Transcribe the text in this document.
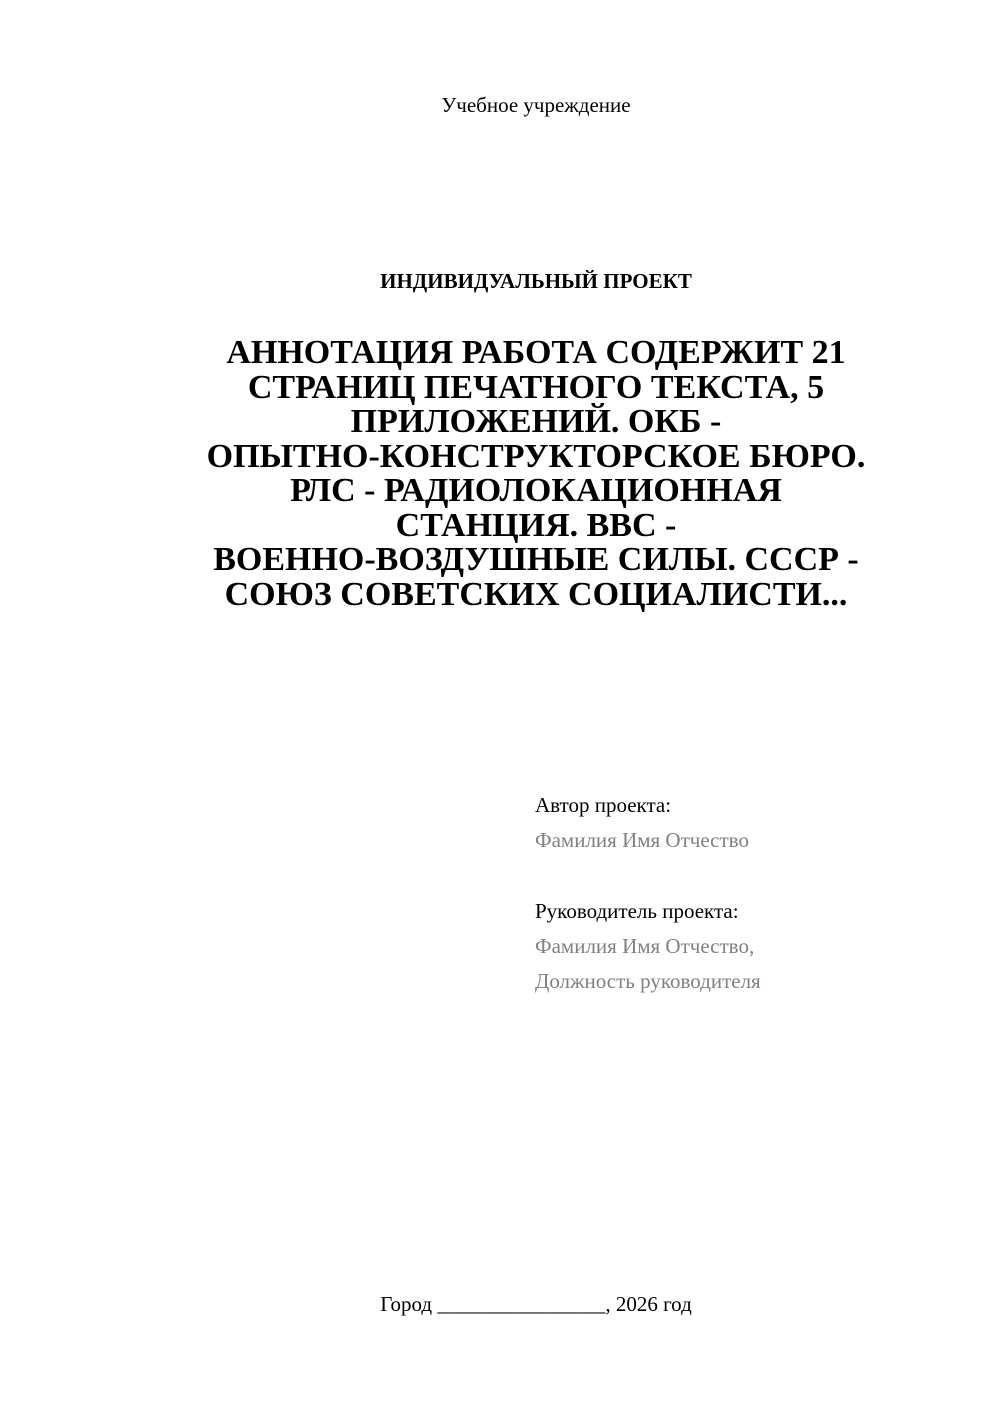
Учебное учреждение
ИНДИВИДУАЛЬНЫЙ ПРОЕКТ
АННОТАЦИЯ РАБОТА СОДЕРЖИТ 21
СТРАНИЦ ПЕЧАТНОГО ТЕКСТА, 5
ПРИЛОЖЕНИЙ. ОКБ -
ОПЫТНО-КОНСТРУКТОРСКОЕ БЮРО.
РЛС - РАДИОЛОКАЦИОННАЯ
СТАНЦИЯ. ВВС -
ВОЕННО-ВОЗДУШНЫЕ СИЛЫ. СССР -
СОЮЗ СОВЕТСКИХ СОЦИАЛИСТИ...
Автор проекта:
Фамилия Имя Отчество
Руководитель проекта:
Фамилия Имя Отчество,
Должность руководителя
Город ________________, 2026 год
